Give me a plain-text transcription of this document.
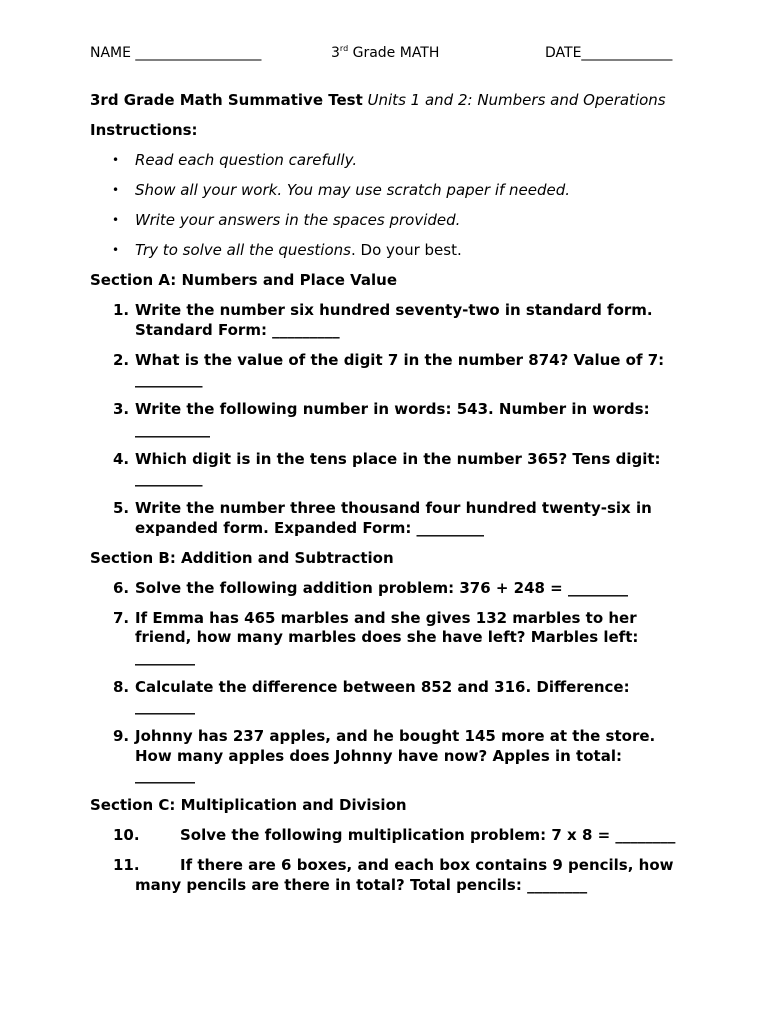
NAME __________________	3rd Grade MATH	DATE_____________
3rd Grade Math Summative Test Units 1 and 2: Numbers and Operations
Instructions:
• Read each question carefully.
• Show all your work. You may use scratch paper if needed.
• Write your answers in the spaces provided.
• Try to solve all the questions. Do your best.
Section A: Numbers and Place Value
1. Write the number six hundred seventy-two in standard form. Standard Form: _________
2. What is the value of the digit 7 in the number 874? Value of 7: _________
3. Write the following number in words: 543. Number in words: __________
4. Which digit is in the tens place in the number 365? Tens digit: _________
5. Write the number three thousand four hundred twenty-six in expanded form. Expanded Form: _________
Section B: Addition and Subtraction
6. Solve the following addition problem: 376 + 248 = ________
7. If Emma has 465 marbles and she gives 132 marbles to her friend, how many marbles does she have left? Marbles left: ________
8. Calculate the difference between 852 and 316. Difference: ________
9. Johnny has 237 apples, and he bought 145 more at the store. How many apples does Johnny have now? Apples in total: ________
Section C: Multiplication and Division
10.	Solve the following multiplication problem: 7 x 8 = ________
11.	If there are 6 boxes, and each box contains 9 pencils, how many pencils are there in total? Total pencils: ________
